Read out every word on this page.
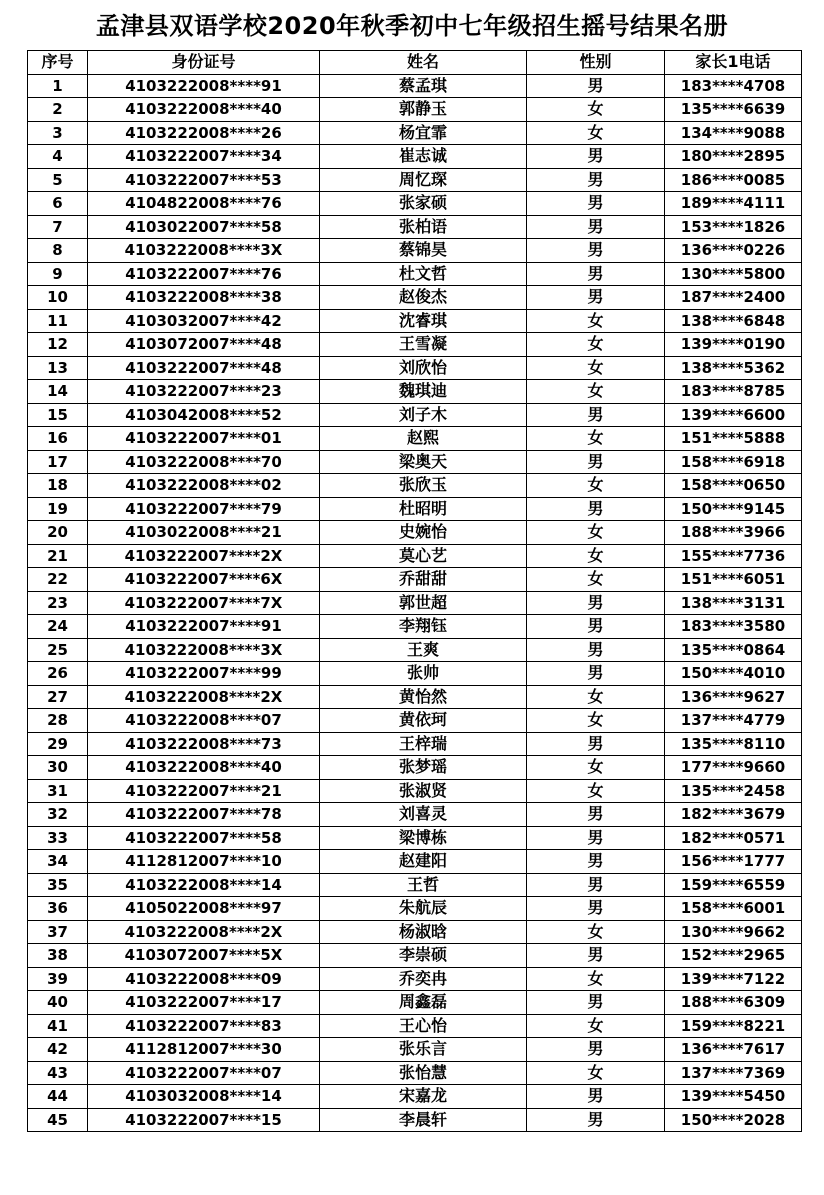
孟津县双语学校2020年秋季初中七年级招生摇号结果名册
序号	身份证号	姓名	性别	家长1电话
1	4103222008****91	蔡孟琪	男	183****4708
2	4103222008****40	郭静玉	女	135****6639
3	4103222008****26	杨宜霏	女	134****9088
4	4103222007****34	崔志诚	男	180****2895
5	4103222007****53	周忆琛	男	186****0085
6	4104822008****76	张家硕	男	189****4111
7	4103022007****58	张柏语	男	153****1826
8	4103222008****3X	蔡锦昊	男	136****0226
9	4103222007****76	杜文哲	男	130****5800
10	4103222008****38	赵俊杰	男	187****2400
11	4103032007****42	沈睿琪	女	138****6848
12	4103072007****48	王雪凝	女	139****0190
13	4103222007****48	刘欣怡	女	138****5362
14	4103222007****23	魏琪迪	女	183****8785
15	4103042008****52	刘子木	男	139****6600
16	4103222007****01	赵熙	女	151****5888
17	4103222008****70	梁奥天	男	158****6918
18	4103222008****02	张欣玉	女	158****0650
19	4103222007****79	杜昭明	男	150****9145
20	4103022008****21	史婉怡	女	188****3966
21	4103222007****2X	莫心艺	女	155****7736
22	4103222007****6X	乔甜甜	女	151****6051
23	4103222007****7X	郭世超	男	138****3131
24	4103222007****91	李翔钰	男	183****3580
25	4103222008****3X	王爽	男	135****0864
26	4103222007****99	张帅	男	150****4010
27	4103222008****2X	黄怡然	女	136****9627
28	4103222008****07	黄依珂	女	137****4779
29	4103222008****73	王梓瑞	男	135****8110
30	4103222008****40	张梦瑶	女	177****9660
31	4103222007****21	张淑贤	女	135****2458
32	4103222007****78	刘喜灵	男	182****3679
33	4103222007****58	梁博栋	男	182****0571
34	4112812007****10	赵建阳	男	156****1777
35	4103222008****14	王哲	男	159****6559
36	4105022008****97	朱航辰	男	158****6001
37	4103222008****2X	杨淑晗	女	130****9662
38	4103072007****5X	李崇硕	男	152****2965
39	4103222008****09	乔奕冉	女	139****7122
40	4103222007****17	周鑫磊	男	188****6309
41	4103222007****83	王心怡	女	159****8221
42	4112812007****30	张乐言	男	136****7617
43	4103222007****07	张怡慧	女	137****7369
44	4103032008****14	宋嘉龙	男	139****5450
45	4103222007****15	李晨轩	男	150****2028
